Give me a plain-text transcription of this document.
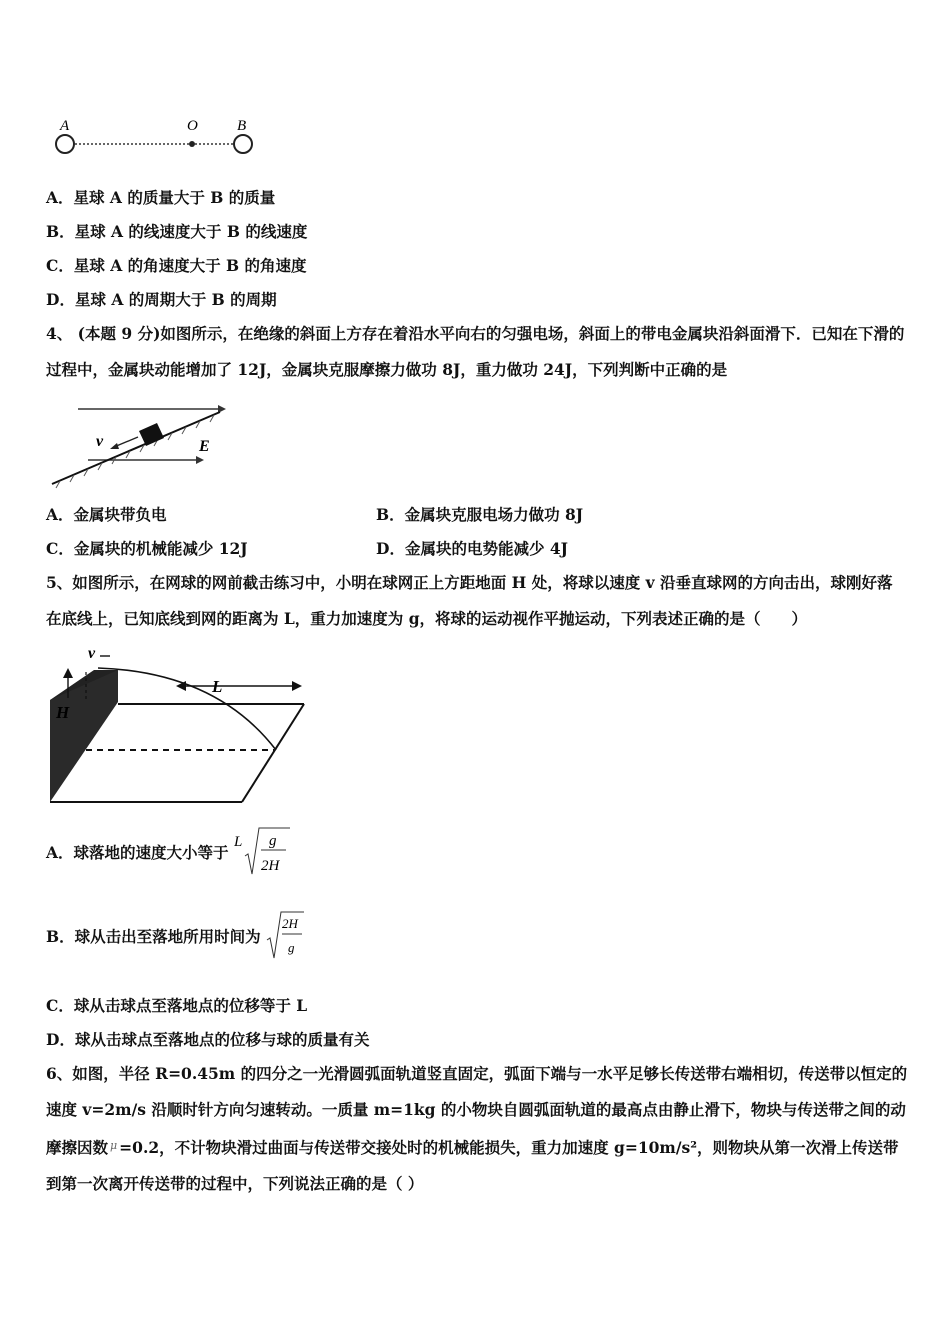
A	O	B
A．星球 A 的质量大于 B 的质量
B．星球 A 的线速度大于 B 的线速度
C．星球 A 的角速度大于 B 的角速度
D．星球 A 的周期大于 B 的周期
4、 (本题 9 分)如图所示，在绝缘的斜面上方存在着沿水平向右的匀强电场，斜面上的带电金属块沿斜面滑下．已知在下滑的过程中，金属块动能增加了 12J，金属块克服摩擦力做功 8J，重力做功 24J，下列判断中正确的是
v	E
A．金属块带负电	B．金属块克服电场力做功 8J
C．金属块的机械能减少 12J	D．金属块的电势能减少 4J
5、如图所示，在网球的网前截击练习中，小明在球网正上方距地面 H 处，将球以速度 v 沿垂直球网的方向击出，球刚好落在底线上，已知底线到网的距离为 L，重力加速度为 g，将球的运动视作平抛运动，下列表述正确的是（　　）
H
v
L
A．球落地的速度大小等于
L g
2H
B．球从击出至落地所用时间为
2H
g
C．球从击球点至落地点的位移等于 L
D．球从击球点至落地点的位移与球的质量有关
6、如图，半径 R=0.45m 的四分之一光滑圆弧面轨道竖直固定，弧面下端与一水平足够长传送带右端相切，传送带以恒定的速度 v=2m/s 沿顺时针方向匀速转动。一质量 m=1kg 的小物块自圆弧面轨道的最高点由静止滑下，物块与传送带之间的动摩擦因数 $^\mu$ =0.2，不计物块滑过曲面与传送带交接处时的机械能损失，重力加速度 g=10m/s²，则物块从第一次滑上传送带到第一次离开传送带的过程中，下列说法正确的是（ ）
